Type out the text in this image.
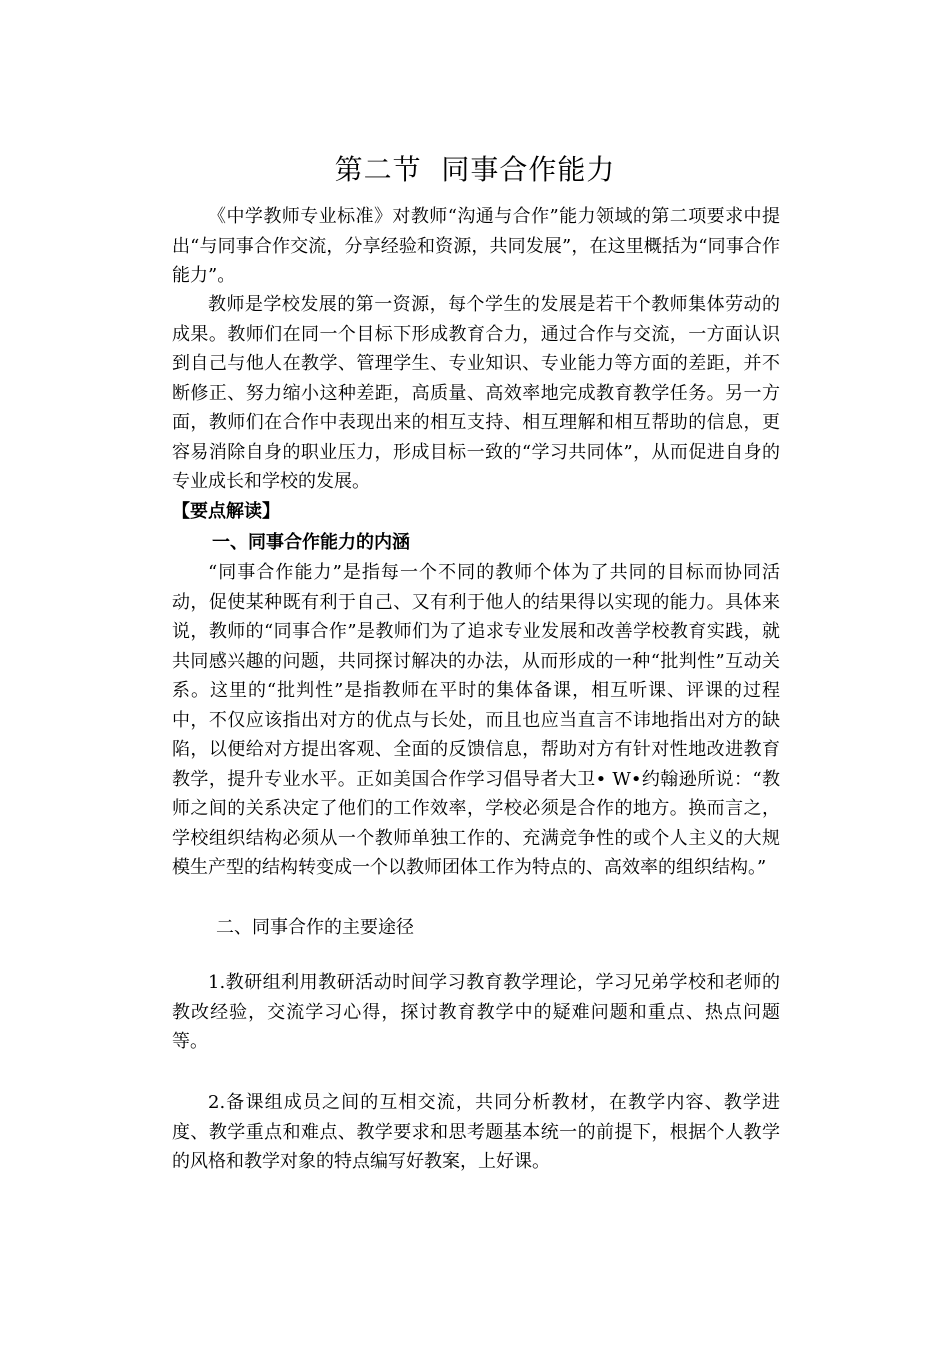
第二节  同事合作能力

《中学教师专业标准》对教师“沟通与合作”能力领域的第二项要求中提出“与同事合作交流，分享经验和资源，共同发展”，在这里概括为“同事合作能力”。

教师是学校发展的第一资源，每个学生的发展是若干个教师集体劳动的成果。教师们在同一个目标下形成教育合力，通过合作与交流，一方面认识到自己与他人在教学、管理学生、专业知识、专业能力等方面的差距，并不断修正、努力缩小这种差距，高质量、高效率地完成教育教学任务。另一方面，教师们在合作中表现出来的相互支持、相互理解和相互帮助的信息，更容易消除自身的职业压力，形成目标一致的“学习共同体”，从而促进自身的专业成长和学校的发展。

【要点解读】
一、同事合作能力的内涵

“同事合作能力”是指每一个不同的教师个体为了共同的目标而协同活动，促使某种既有利于自己、又有利于他人的结果得以实现的能力。具体来说，教师的“同事合作”是教师们为了追求专业发展和改善学校教育实践，就共同感兴趣的问题，共同探讨解决的办法，从而形成的一种“批判性”互动关系。这里的“批判性”是指教师在平时的集体备课，相互听课、评课的过程中，不仅应该指出对方的优点与长处，而且也应当直言不讳地指出对方的缺陷，以便给对方提出客观、全面的反馈信息，帮助对方有针对性地改进教育教学，提升专业水平。正如美国合作学习倡导者大卫• W•约翰逊所说：“教师之间的关系决定了他们的工作效率，学校必须是合作的地方。换而言之，学校组织结构必须从一个教师单独工作的、充满竞争性的或个人主义的大规模生产型的结构转变成一个以教师团体工作为特点的、高效率的组织结构。”

二、同事合作的主要途径

1.教研组利用教研活动时间学习教育教学理论，学习兄弟学校和老师的教改经验，交流学习心得，探讨教育教学中的疑难问题和重点、热点问题等。

2.备课组成员之间的互相交流，共同分析教材，在教学内容、教学进度、教学重点和难点、教学要求和思考题基本统一的前提下，根据个人教学的风格和教学对象的特点编写好教案，上好课。
